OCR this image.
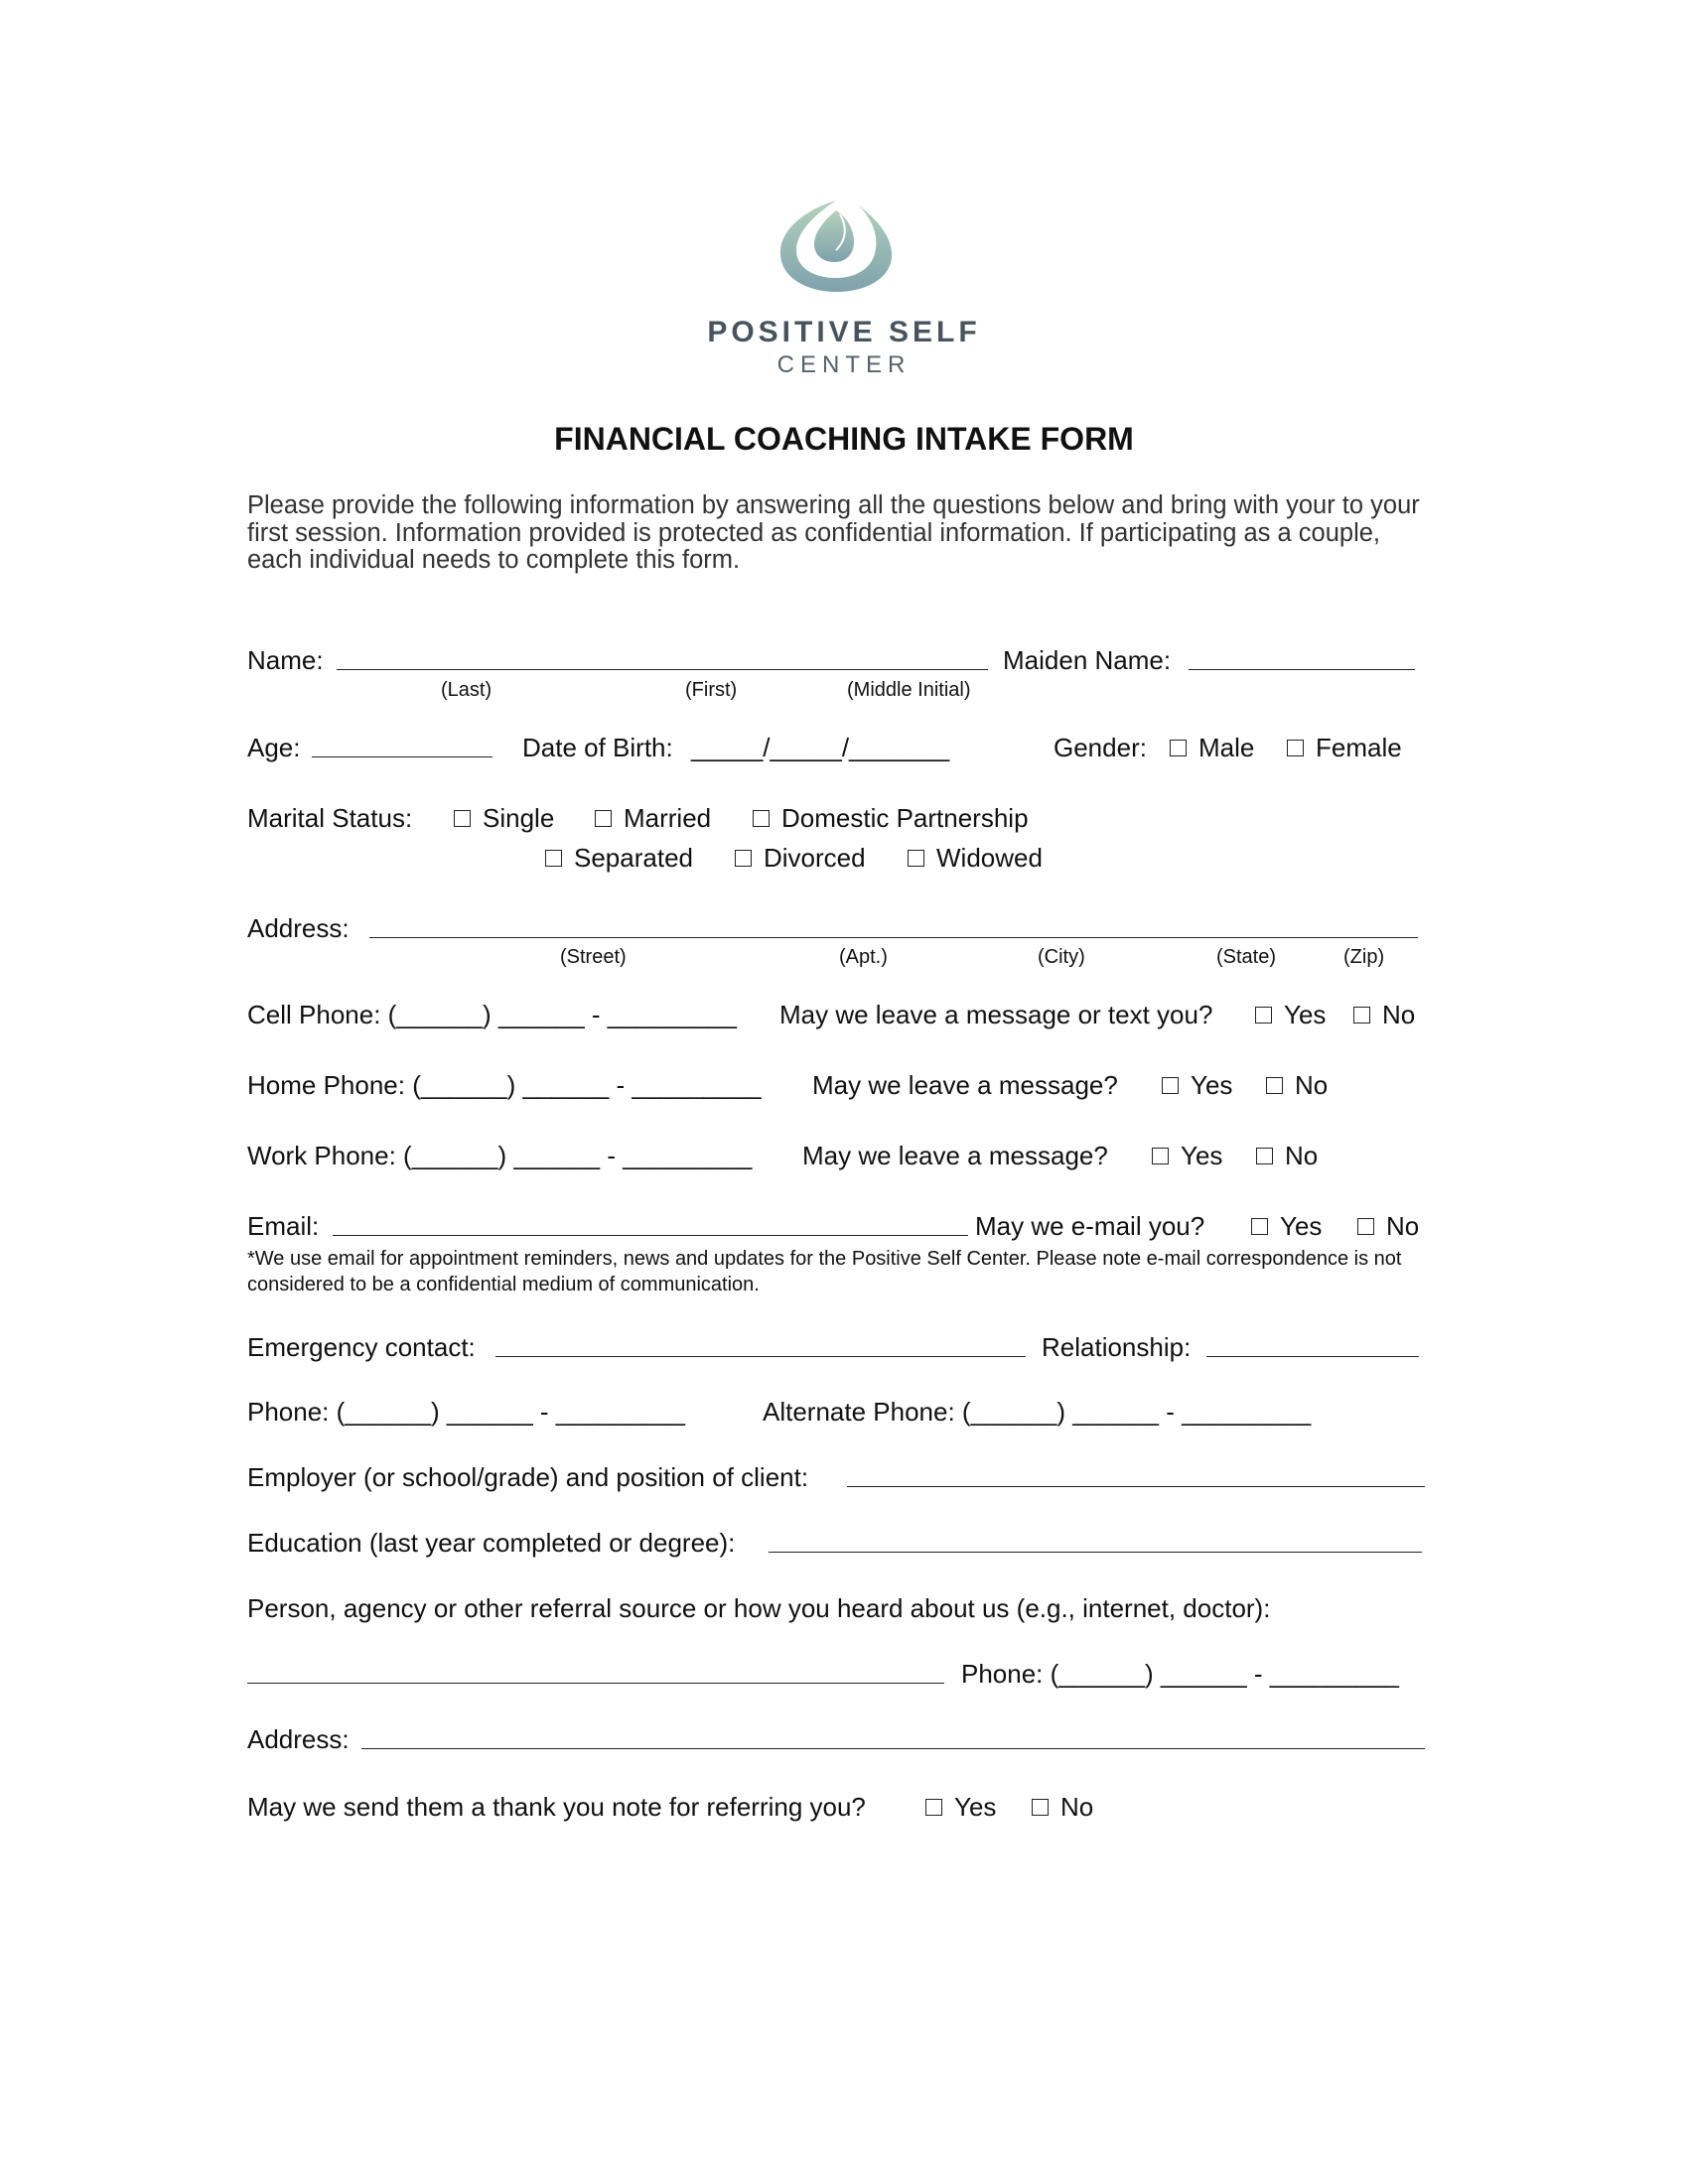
POSITIVE SELF
CENTER
FINANCIAL COACHING INTAKE FORM
Please provide the following information by answering all the questions below and bring with your to your first session. Information provided is protected as confidential information. If participating as a couple, each individual needs to complete this form.
Name:	Maiden Name:
(Last)	(First)	(Middle Initial)
Age:	Date of Birth: _____/_____/_______	Gender: Male Female
Marital Status:	Single	Married	Domestic Partnership
Separated	Divorced	Widowed
Address:
(Street)	(Apt.)	(City)	(State)	(Zip)
Cell Phone: (______) ______ - _________ May we leave a message or text you?	Yes No
Home Phone: (______) ______ - _________ May we leave a message?	Yes No
Work Phone: (______) ______ - _________ May we leave a message?	Yes No
Email:	May we e-mail you?	Yes No
*We use email for appointment reminders, news and updates for the Positive Self Center. Please note e-mail correspondence is not considered to be a confidential medium of communication.
Emergency contact:	Relationship:
Phone: (______) ______ - _________	Alternate Phone: (______) ______ - _________
Employer (or school/grade) and position of client:
Education (last year completed or degree):
Person, agency or other referral source or how you heard about us (e.g., internet, doctor):
Phone: (______) ______ - _________
Address:
May we send them a thank you note for referring you?	Yes No
